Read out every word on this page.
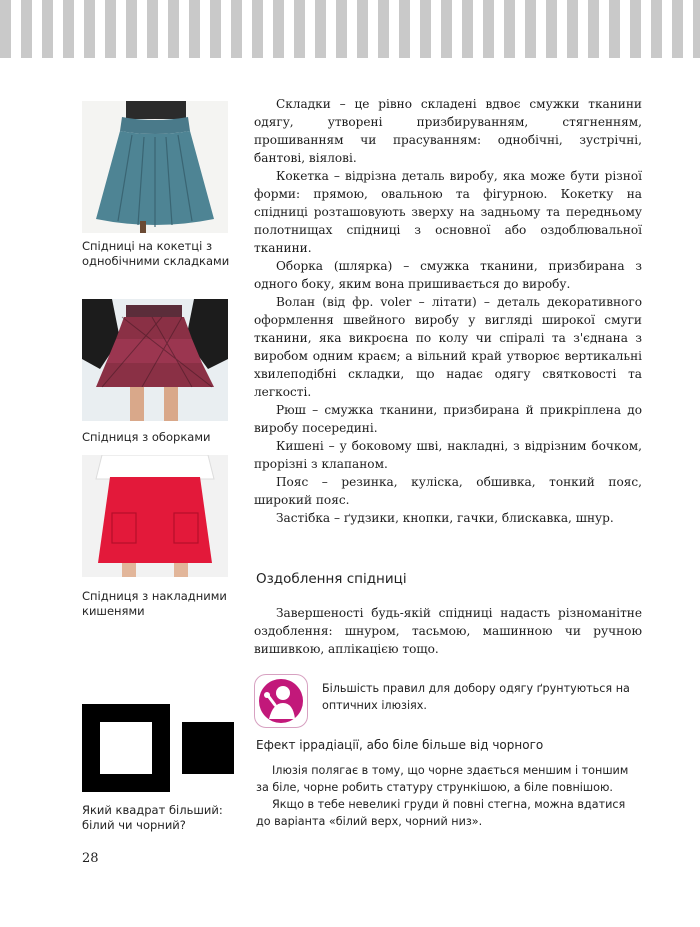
Спідниці на кокетці з однобічними складками
Спідниця з оборками
Спідниця з накладними кишенями

Складки – це рівно складені вдвоє смужки тканини одягу, утворені призбируванням, стягненням, прошиванням чи прасуванням: однобічні, зустрічні, бантові, віялові.

Кокетка – відрізна деталь виробу, яка може бути різної форми: прямою, овальною та фігурною. Кокетку на спідниці розташовують зверху на задньому та передньому полотнищах спідниці з основної або оздоблювальної тканини.

Оборка (шлярка) – смужка тканини, призбирана з одного боку, яким вона пришивається до виробу.

Волан (від фр. voler – літати) – деталь декоративного оформлення швейного виробу у вигляді широкої смуги тканини, яка викроєна по колу чи спіралі та з'єднана з виробом одним краєм; а вільний край утворює вертикальні хвилеподібні складки, що надає одягу святковості та легкості.

Рюш – смужка тканини, призбирана й прикріплена до виробу посередині.

Кишені – у боковому шві, накладні, з відрізним бочком, прорізні з клапаном.

Пояс – резинка, куліска, обшивка, тонкий пояс, широкий пояс.

Застібка – ґудзики, кнопки, гачки, блискавка, шнур.

Оздоблення спідниці

Завершеності будь-якій спідниці надасть різноманітне оздоблення: шнуром, тасьмою, машинною чи ручною вишивкою, аплікацією тощо.

Більшість правил для добору одягу ґрунтуються на оптичних ілюзіях.
Ефект іррадіації, або біле більше від чорного

Ілюзія полягає в тому, що чорне здається меншим і тоншим за біле, чорне робить статуру стрункішою, а біле повнішою.

Якщо в тебе невеликі груди й повні стегна, можна вдатися до варіанта «білий верх, чорний низ».

Який квадрат більший: білий чи чорний?
28
